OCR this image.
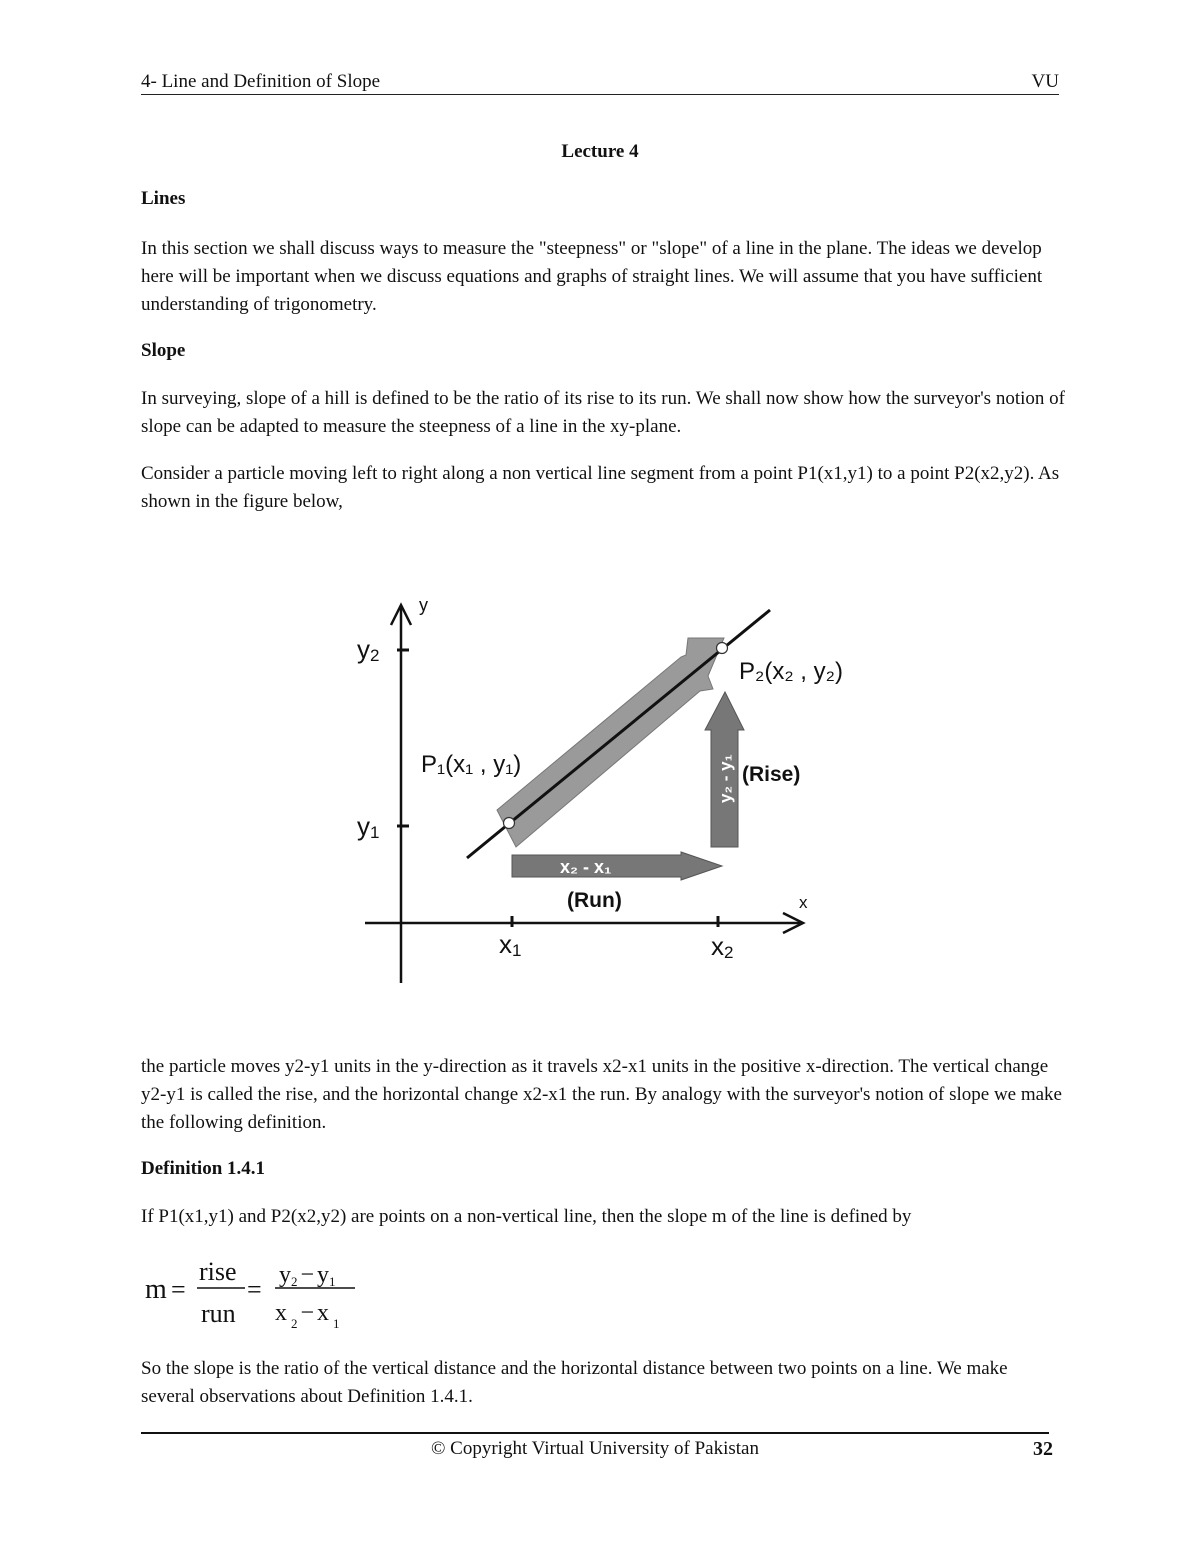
4- Line and Definition of Slope	VU
Lecture 4
Lines

In this section we shall discuss ways to measure the "steepness" or "slope" of a line in the plane. The ideas we develop here will be important when we discuss equations and graphs of straight lines. We will assume that you have sufficient understanding of trigonometry.

Slope

In surveying, slope of a hill is defined to be the ratio of its rise to its run. We shall now show how the surveyor's notion of slope can be adapted to measure the steepness of a line in the xy-plane.

Consider a particle moving left to right along a non vertical line segment from a point P1(x1,y1) to a point P2(x2,y2). As shown in the figure below,

y
x
y2
y1
x1	x2
P₁(x₁ , y₁)
P₂(x₂ , y₂)
y₂ - y₁ (Rise)
x₂ - x₁
(Run)

the particle moves y2-y1 units in the y-direction as it travels x2-x1 units in the positive x-direction. The vertical change y2-y1 is called the rise, and the horizontal change x2-x1 the run. By analogy with the surveyor's notion of slope we make the following definition.

Definition 1.4.1

If P1(x1,y1) and P2(x2,y2) are points on a non-vertical line, then the slope m of the line is defined by

m =
rise
run
= y2 − y1
x $_2$ − x $_1$

So the slope is the ratio of the vertical distance and the horizontal distance between two points on a line. We make several observations about Definition 1.4.1.

© Copyright Virtual University of Pakistan	32
